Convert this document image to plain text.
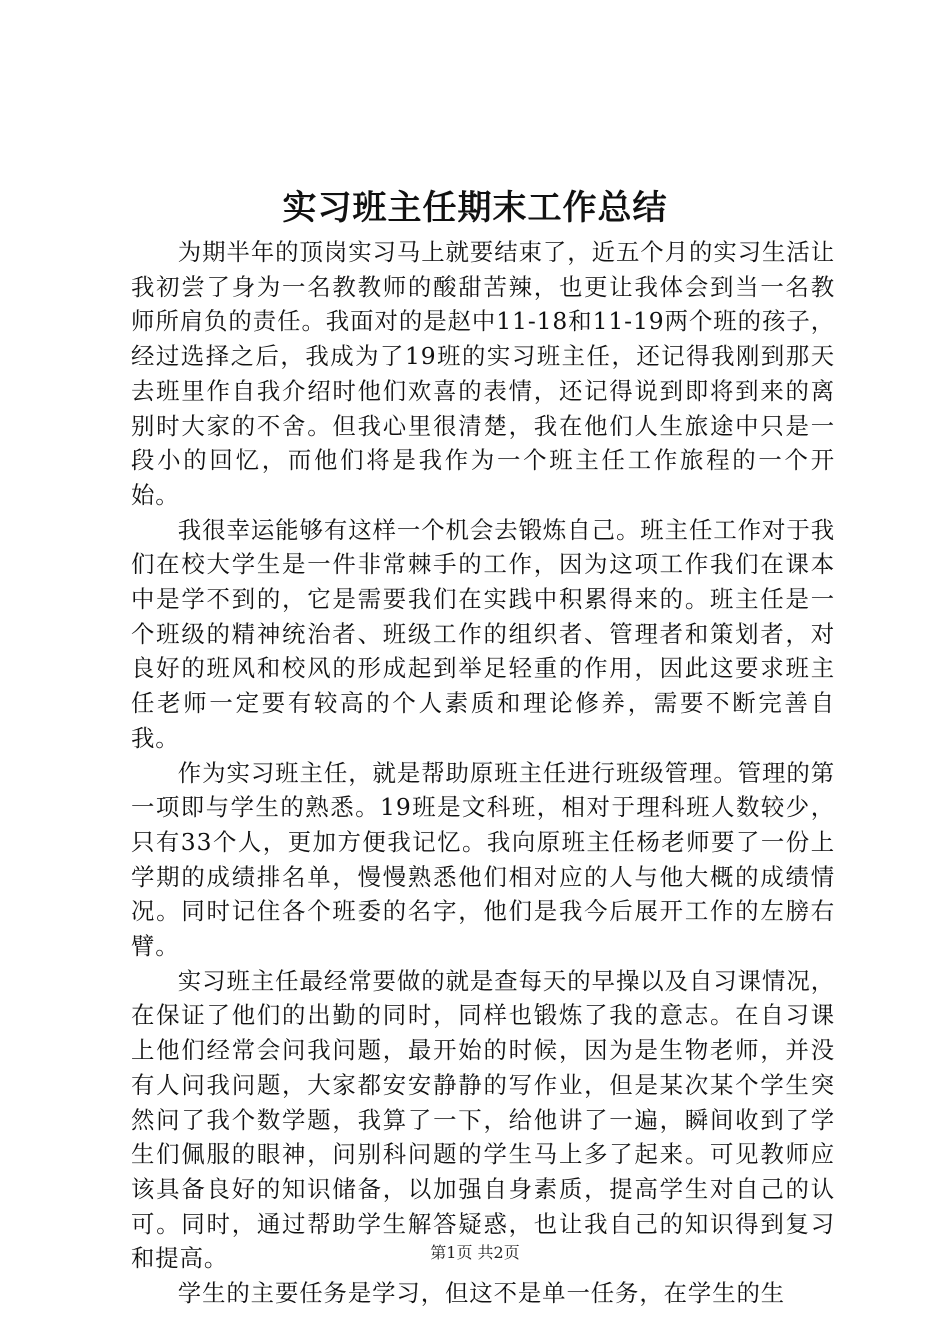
实习班主任期末工作总结

为期半年的顶岗实习马上就要结束了，近五个月的实习生活让我初尝了身为一名教教师的酸甜苦辣，也更让我体会到当一名教师所肩负的责任。我面对的是赵中11-18和11-19两个班的孩子，经过选择之后，我成为了19班的实习班主任，还记得我刚到那天去班里作自我介绍时他们欢喜的表情，还记得说到即将到来的离别时大家的不舍。但我心里很清楚，我在他们人生旅途中只是一段小的回忆，而他们将是我作为一个班主任工作旅程的一个开始。

我很幸运能够有这样一个机会去锻炼自己。班主任工作对于我们在校大学生是一件非常棘手的工作，因为这项工作我们在课本中是学不到的，它是需要我们在实践中积累得来的。班主任是一个班级的精神统治者、班级工作的组织者、管理者和策划者，对良好的班风和校风的形成起到举足轻重的作用，因此这要求班主任老师一定要有较高的个人素质和理论修养，需要不断完善自我。

作为实习班主任，就是帮助原班主任进行班级管理。管理的第一项即与学生的熟悉。19班是文科班，相对于理科班人数较少，只有33个人，更加方便我记忆。我向原班主任杨老师要了一份上学期的成绩排名单，慢慢熟悉他们相对应的人与他大概的成绩情况。同时记住各个班委的名字，他们是我今后展开工作的左膀右臂。

实习班主任最经常要做的就是查每天的早操以及自习课情况，在保证了他们的出勤的同时，同样也锻炼了我的意志。在自习课上他们经常会问我问题，最开始的时候，因为是生物老师，并没有人问我问题，大家都安安静静的写作业，但是某次某个学生突然问了我个数学题，我算了一下，给他讲了一遍，瞬间收到了学生们佩服的眼神，问别科问题的学生马上多了起来。可见教师应该具备良好的知识储备，以加强自身素质，提高学生对自己的认可。同时，通过帮助学生解答疑惑，也让我自己的知识得到复习和提高。

学生的主要任务是学习，但这不是单一任务，在学生的生

第1页 共2页
